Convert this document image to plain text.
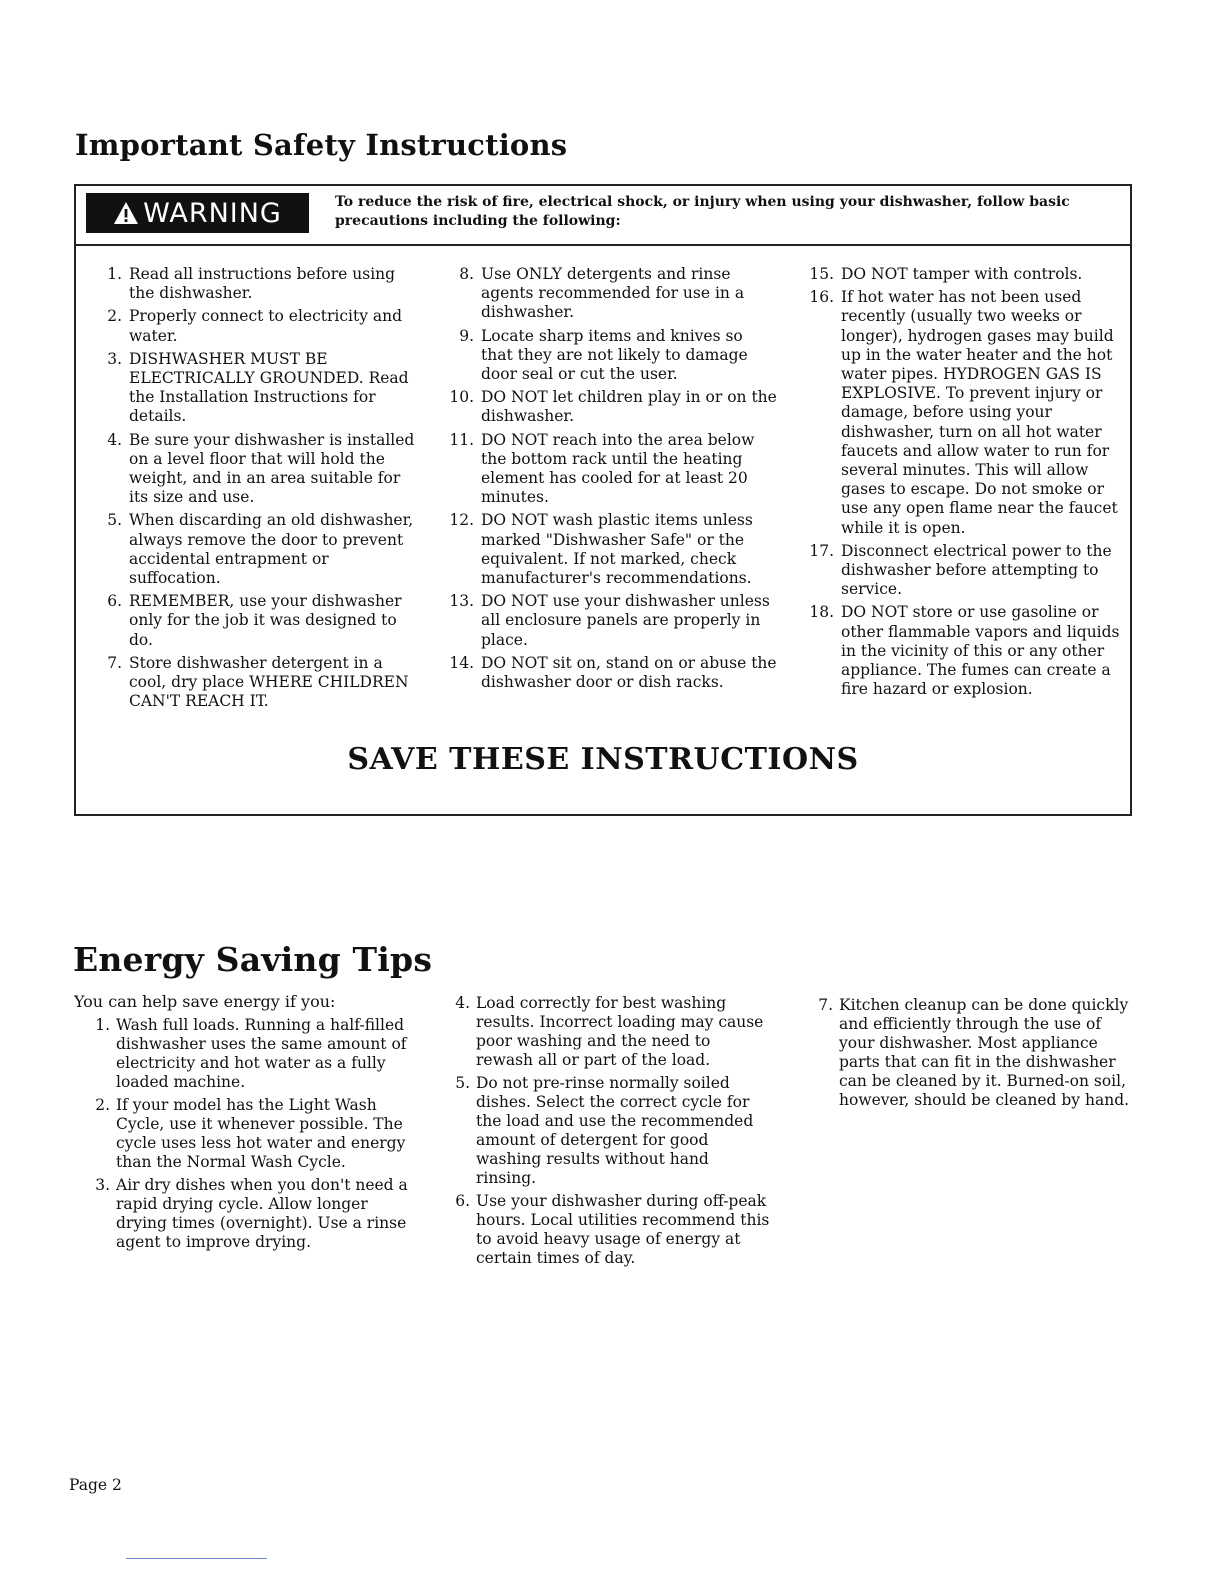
Important Safety Instructions
WARNING	To reduce the risk of fire, electrical shock, or injury when using your dishwasher, follow basic precautions including the following:
1. Read all instructions before using the dishwasher.
2. Properly connect to electricity and water.
3. DISHWASHER MUST BE ELECTRICALLY GROUNDED. Read the Installation Instructions for details.
4. Be sure your dishwasher is installed on a level floor that will hold the weight, and in an area suitable for its size and use.
5. When discarding an old dishwasher, always remove the door to prevent accidental entrapment or suffocation.
6. REMEMBER, use your dishwasher only for the job it was designed to do.
7. Store dishwasher detergent in a cool, dry place WHERE CHILDREN CAN'T REACH IT.
8. Use ONLY detergents and rinse agents recommended for use in a dishwasher.
9. Locate sharp items and knives so that they are not likely to damage door seal or cut the user.
10. DO NOT let children play in or on the dishwasher.
11. DO NOT reach into the area below the bottom rack until the heating element has cooled for at least 20 minutes.
12. DO NOT wash plastic items unless marked "Dishwasher Safe" or the equivalent. If not marked, check manufacturer's recommendations.
13. DO NOT use your dishwasher unless all enclosure panels are properly in place.
14. DO NOT sit on, stand on or abuse the dishwasher door or dish racks.
15. DO NOT tamper with controls.
16. If hot water has not been used recently (usually two weeks or longer), hydrogen gases may build up in the water heater and the hot water pipes. HYDROGEN GAS IS EXPLOSIVE. To prevent injury or damage, before using your dishwasher, turn on all hot water faucets and allow water to run for several minutes. This will allow gases to escape. Do not smoke or use any open flame near the faucet while it is open.
17. Disconnect electrical power to the dishwasher before attempting to service.
18. DO NOT store or use gasoline or other flammable vapors and liquids in the vicinity of this or any other appliance. The fumes can create a fire hazard or explosion.

SAVE THESE INSTRUCTIONS

Energy Saving Tips

You can help save energy if you:

1. Wash full loads. Running a half-filled dishwasher uses the same amount of electricity and hot water as a fully loaded machine.
2. If your model has the Light Wash Cycle, use it whenever possible. The cycle uses less hot water and energy than the Normal Wash Cycle.
3. Air dry dishes when you don't need a rapid drying cycle. Allow longer drying times (overnight). Use a rinse agent to improve drying.
4. Load correctly for best washing results. Incorrect loading may cause poor washing and the need to rewash all or part of the load.
5. Do not pre-rinse normally soiled dishes. Select the correct cycle for the load and use the recommended amount of detergent for good washing results without hand rinsing.
6. Use your dishwasher during off-peak hours. Local utilities recommend this to avoid heavy usage of energy at certain times of day.
7. Kitchen cleanup can be done quickly and efficiently through the use of your dishwasher. Most appliance parts that can fit in the dishwasher can be cleaned by it. Burned-on soil, however, should be cleaned by hand.

Page 2
